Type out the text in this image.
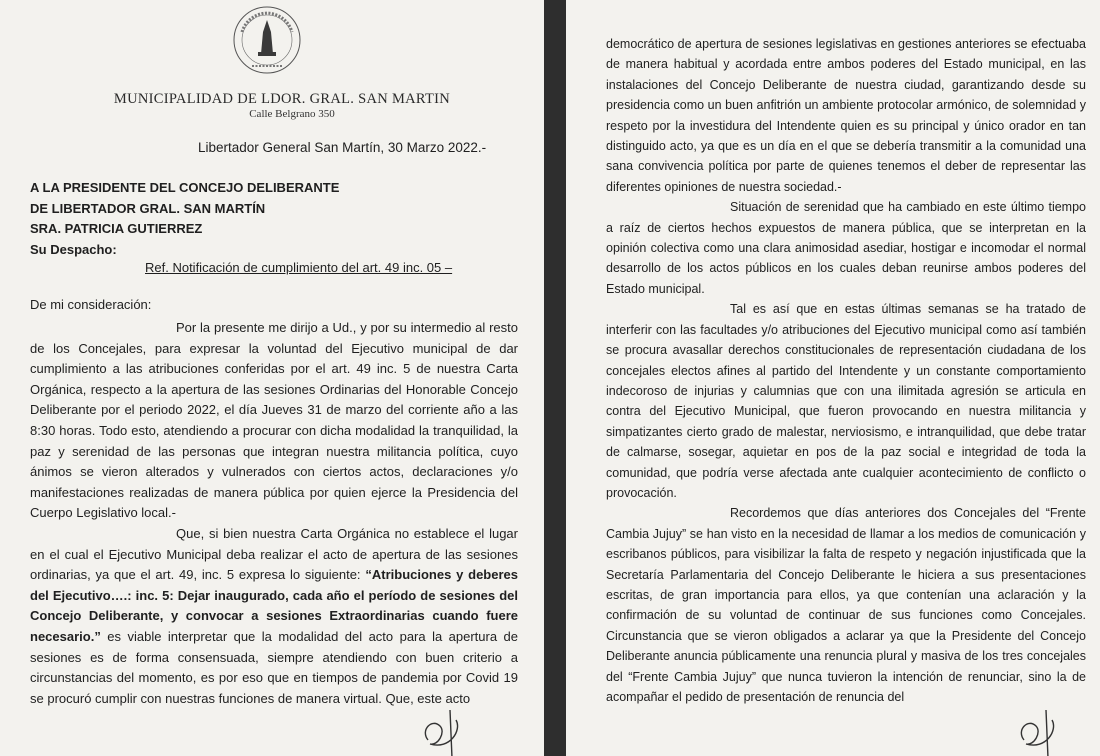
MUNICIPALIDAD DE LDOR. GRAL. SAN MARTIN
Calle Belgrano 350
Libertador General San Martín, 30 Marzo 2022.-
A LA PRESIDENTE DEL CONCEJO DELIBERANTE
DE LIBERTADOR GRAL. SAN MARTÍN
SRA. PATRICIA GUTIERREZ
Su Despacho:
Ref. Notificación de cumplimiento del art. 49 inc. 05 –
De mi consideración:

Por la presente me dirijo a Ud., y por su intermedio al resto de los Concejales, para expresar la voluntad del Ejecutivo municipal de dar cumplimiento a las atribuciones conferidas por el art. 49 inc. 5 de nuestra Carta Orgánica, respecto a la apertura de las sesiones Ordinarias del Honorable Concejo Deliberante por el periodo 2022, el día Jueves 31 de marzo del corriente año a las 8:30 horas. Todo esto, atendiendo a procurar con dicha modalidad la tranquilidad, la paz y serenidad de las personas que integran nuestra militancia política, cuyo ánimos se vieron alterados y vulnerados con ciertos actos, declaraciones y/o manifestaciones realizadas de manera pública por quien ejerce la Presidencia del Cuerpo Legislativo local.-

Que, si bien nuestra Carta Orgánica no establece el lugar en el cual el Ejecutivo Municipal deba realizar el acto de apertura de las sesiones ordinarias, ya que el art. 49, inc. 5 expresa lo siguiente: “Atribuciones y deberes del Ejecutivo….: inc. 5: Dejar inaugurado, cada año el período de sesiones del Concejo Deliberante, y convocar a sesiones Extraordinarias cuando fuere necesario.” es viable interpretar que la modalidad del acto para la apertura de sesiones es de forma consensuada, siempre atendiendo con buen criterio a circunstancias del momento, es por eso que en tiempos de pandemia por Covid 19 se procuró cumplir con nuestras funciones de manera virtual. Que, este acto

democrático de apertura de sesiones legislativas en gestiones anteriores se efectuaba de manera habitual y acordada entre ambos poderes del Estado municipal, en las instalaciones del Concejo Deliberante de nuestra ciudad, garantizando desde su presidencia como un buen anfitrión un ambiente protocolar armónico, de solemnidad y respeto por la investidura del Intendente quien es su principal y único orador en tan distinguido acto, ya que es un día en el que se debería transmitir a la comunidad una sana convivencia política por parte de quienes tenemos el deber de representar las diferentes opiniones de nuestra sociedad.-

Situación de serenidad que ha cambiado en este último tiempo a raíz de ciertos hechos expuestos de manera pública, que se interpretan en la opinión colectiva como una clara animosidad asediar, hostigar e incomodar el normal desarrollo de los actos públicos en los cuales deban reunirse ambos poderes del Estado municipal.

Tal es así que en estas últimas semanas se ha tratado de interferir con las facultades y/o atribuciones del Ejecutivo municipal como así también se procura avasallar derechos constitucionales de representación ciudadana de los concejales electos afines al partido del Intendente y un constante comportamiento indecoroso de injurias y calumnias que con una ilimitada agresión se articula en contra del Ejecutivo Municipal, que fueron provocando en nuestra militancia y simpatizantes cierto grado de malestar, nerviosismo, e intranquilidad, que debe tratar de calmarse, sosegar, aquietar en pos de la paz social e integridad de toda la comunidad, que podría verse afectada ante cualquier acontecimiento de conflicto o provocación.

Recordemos que días anteriores dos Concejales del “Frente Cambia Jujuy” se han visto en la necesidad de llamar a los medios de comunicación y escribanos públicos, para visibilizar la falta de respeto y negación injustificada que la Secretaría Parlamentaria del Concejo Deliberante le hiciera a sus presentaciones escritas, de gran importancia para ellos, ya que contenían una aclaración y la confirmación de su voluntad de continuar de sus funciones como Concejales. Circunstancia que se vieron obligados a aclarar ya que la Presidente del Concejo Deliberante anuncia públicamente una renuncia plural y masiva de los tres concejales del “Frente Cambia Jujuy” que nunca tuvieron la intención de renunciar, sino la de acompañar el pedido de presentación de renuncia del
